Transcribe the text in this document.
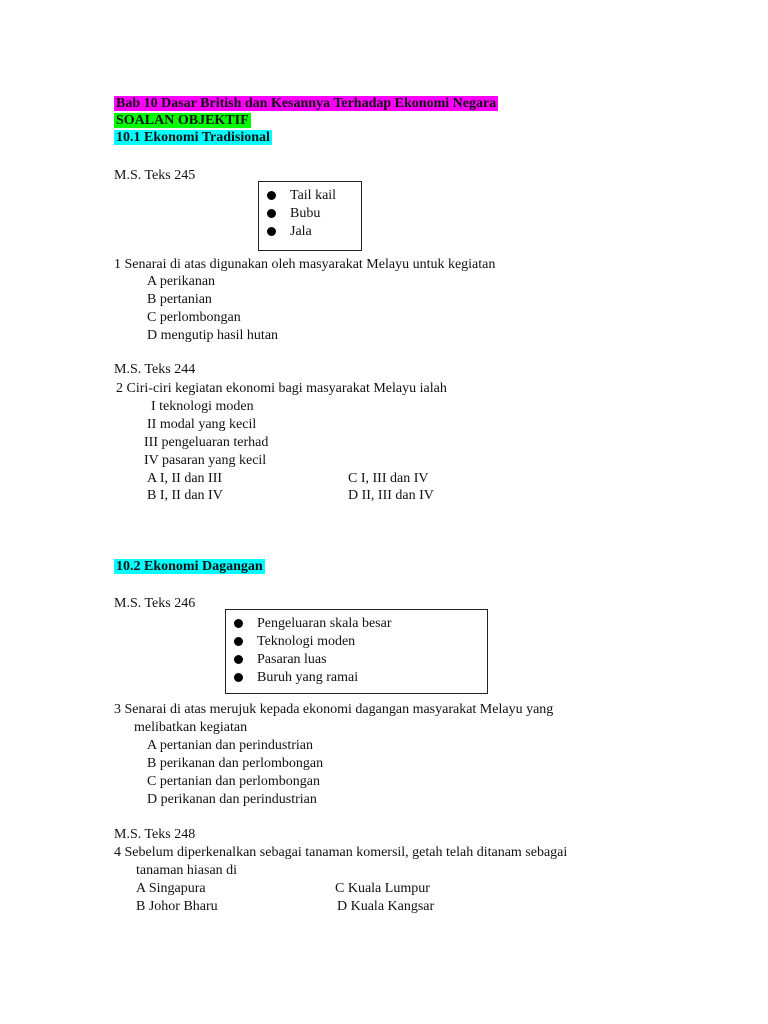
Bab 10 Dasar British dan Kesannya Terhadap Ekonomi Negara
SOALAN OBJEKTIF
10.1 Ekonomi Tradisional
M.S. Teks 245
Tail kail
Bubu
Jala
1 Senarai di atas digunakan oleh masyarakat Melayu untuk kegiatan
A perikanan
B pertanian
C perlombongan
D mengutip hasil hutan
M.S. Teks 244
2 Ciri-ciri kegiatan ekonomi bagi masyarakat Melayu ialah
I teknologi moden
II modal yang kecil
III pengeluaran terhad
IV pasaran yang kecil
A I, II dan III	C I, III dan IV
B I, II dan IV	D II, III dan IV
10.2 Ekonomi Dagangan
M.S. Teks 246
Pengeluaran skala besar
Teknologi moden
Pasaran luas
Buruh yang ramai
3 Senarai di atas merujuk kepada ekonomi dagangan masyarakat Melayu yang
melibatkan kegiatan
A pertanian dan perindustrian
B perikanan dan perlombongan
C pertanian dan perlombongan
D perikanan dan perindustrian
M.S. Teks 248
4 Sebelum diperkenalkan sebagai tanaman komersil, getah telah ditanam sebagai
tanaman hiasan di
A Singapura	C Kuala Lumpur
B Johor Bharu	D Kuala Kangsar
